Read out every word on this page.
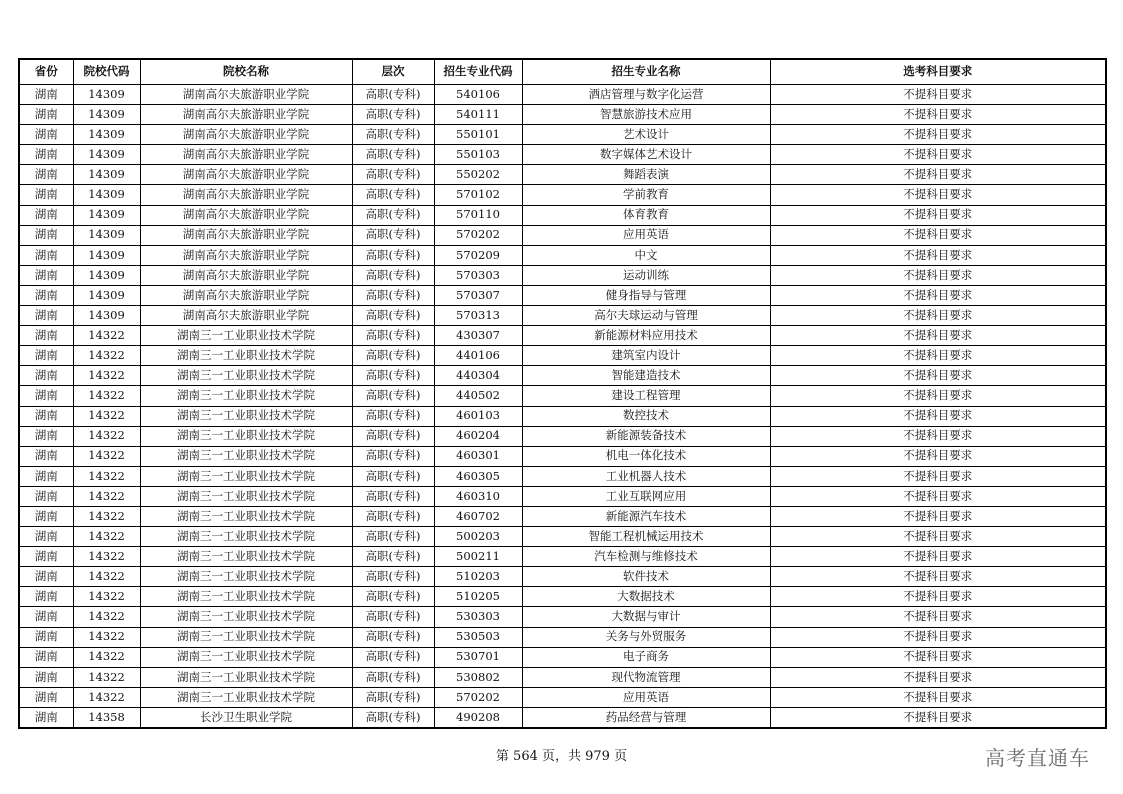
省份	院校代码	院校名称	层次	招生专业代码	招生专业名称	选考科目要求
湖南	14309	湖南高尔夫旅游职业学院	高职(专科)	540106	酒店管理与数字化运营	不提科目要求
湖南	14309	湖南高尔夫旅游职业学院	高职(专科)	540111	智慧旅游技术应用	不提科目要求
湖南	14309	湖南高尔夫旅游职业学院	高职(专科)	550101	艺术设计	不提科目要求
湖南	14309	湖南高尔夫旅游职业学院	高职(专科)	550103	数字媒体艺术设计	不提科目要求
湖南	14309	湖南高尔夫旅游职业学院	高职(专科)	550202	舞蹈表演	不提科目要求
湖南	14309	湖南高尔夫旅游职业学院	高职(专科)	570102	学前教育	不提科目要求
湖南	14309	湖南高尔夫旅游职业学院	高职(专科)	570110	体育教育	不提科目要求
湖南	14309	湖南高尔夫旅游职业学院	高职(专科)	570202	应用英语	不提科目要求
湖南	14309	湖南高尔夫旅游职业学院	高职(专科)	570209	中文	不提科目要求
湖南	14309	湖南高尔夫旅游职业学院	高职(专科)	570303	运动训练	不提科目要求
湖南	14309	湖南高尔夫旅游职业学院	高职(专科)	570307	健身指导与管理	不提科目要求
湖南	14309	湖南高尔夫旅游职业学院	高职(专科)	570313	高尔夫球运动与管理	不提科目要求
湖南	14322	湖南三一工业职业技术学院	高职(专科)	430307	新能源材料应用技术	不提科目要求
湖南	14322	湖南三一工业职业技术学院	高职(专科)	440106	建筑室内设计	不提科目要求
湖南	14322	湖南三一工业职业技术学院	高职(专科)	440304	智能建造技术	不提科目要求
湖南	14322	湖南三一工业职业技术学院	高职(专科)	440502	建设工程管理	不提科目要求
湖南	14322	湖南三一工业职业技术学院	高职(专科)	460103	数控技术	不提科目要求
湖南	14322	湖南三一工业职业技术学院	高职(专科)	460204	新能源装备技术	不提科目要求
湖南	14322	湖南三一工业职业技术学院	高职(专科)	460301	机电一体化技术	不提科目要求
湖南	14322	湖南三一工业职业技术学院	高职(专科)	460305	工业机器人技术	不提科目要求
湖南	14322	湖南三一工业职业技术学院	高职(专科)	460310	工业互联网应用	不提科目要求
湖南	14322	湖南三一工业职业技术学院	高职(专科)	460702	新能源汽车技术	不提科目要求
湖南	14322	湖南三一工业职业技术学院	高职(专科)	500203	智能工程机械运用技术	不提科目要求
湖南	14322	湖南三一工业职业技术学院	高职(专科)	500211	汽车检测与维修技术	不提科目要求
湖南	14322	湖南三一工业职业技术学院	高职(专科)	510203	软件技术	不提科目要求
湖南	14322	湖南三一工业职业技术学院	高职(专科)	510205	大数据技术	不提科目要求
湖南	14322	湖南三一工业职业技术学院	高职(专科)	530303	大数据与审计	不提科目要求
湖南	14322	湖南三一工业职业技术学院	高职(专科)	530503	关务与外贸服务	不提科目要求
湖南	14322	湖南三一工业职业技术学院	高职(专科)	530701	电子商务	不提科目要求
湖南	14322	湖南三一工业职业技术学院	高职(专科)	530802	现代物流管理	不提科目要求
湖南	14322	湖南三一工业职业技术学院	高职(专科)	570202	应用英语	不提科目要求
湖南	14358	长沙卫生职业学院	高职(专科)	490208	药品经营与管理	不提科目要求
第 564 页，共 979 页	高考直通车
